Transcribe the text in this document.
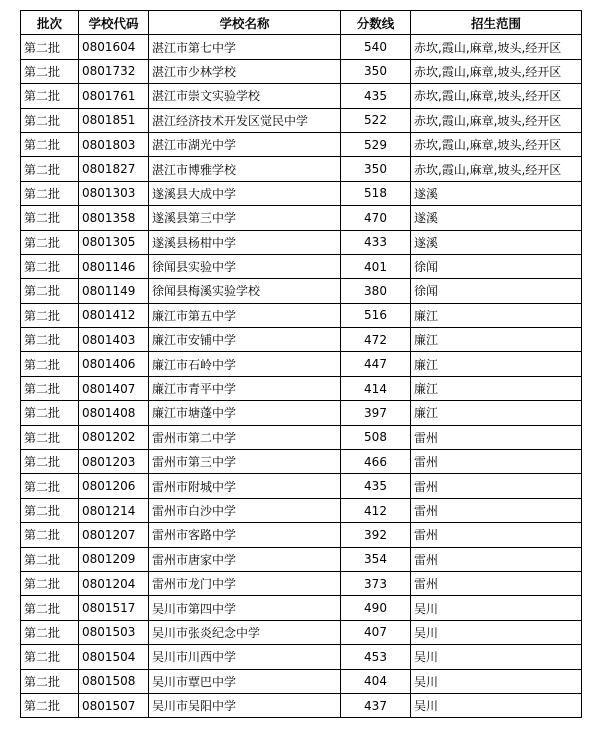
批次	学校代码	学校名称	分数线	招生范围
第二批	0801604	湛江市第七中学	540	赤坎,霞山,麻章,坡头,经开区
第二批	0801732	湛江市少林学校	350	赤坎,霞山,麻章,坡头,经开区
第二批	0801761	湛江市崇文实验学校	435	赤坎,霞山,麻章,坡头,经开区
第二批	0801851	湛江经济技术开发区觉民中学	522	赤坎,霞山,麻章,坡头,经开区
第二批	0801803	湛江市湖光中学	529	赤坎,霞山,麻章,坡头,经开区
第二批	0801827	湛江市博雅学校	350	赤坎,霞山,麻章,坡头,经开区
第二批	0801303	遂溪县大成中学	518	遂溪
第二批	0801358	遂溪县第三中学	470	遂溪
第二批	0801305	遂溪县杨柑中学	433	遂溪
第二批	0801146	徐闻县实验中学	401	徐闻
第二批	0801149	徐闻县梅溪实验学校	380	徐闻
第二批	0801412	廉江市第五中学	516	廉江
第二批	0801403	廉江市安铺中学	472	廉江
第二批	0801406	廉江市石岭中学	447	廉江
第二批	0801407	廉江市青平中学	414	廉江
第二批	0801408	廉江市塘蓬中学	397	廉江
第二批	0801202	雷州市第二中学	508	雷州
第二批	0801203	雷州市第三中学	466	雷州
第二批	0801206	雷州市附城中学	435	雷州
第二批	0801214	雷州市白沙中学	412	雷州
第二批	0801207	雷州市客路中学	392	雷州
第二批	0801209	雷州市唐家中学	354	雷州
第二批	0801204	雷州市龙门中学	373	雷州
第二批	0801517	吴川市第四中学	490	吴川
第二批	0801503	吴川市张炎纪念中学	407	吴川
第二批	0801504	吴川市川西中学	453	吴川
第二批	0801508	吴川市覃巴中学	404	吴川
第二批	0801507	吴川市吴阳中学	437	吴川
